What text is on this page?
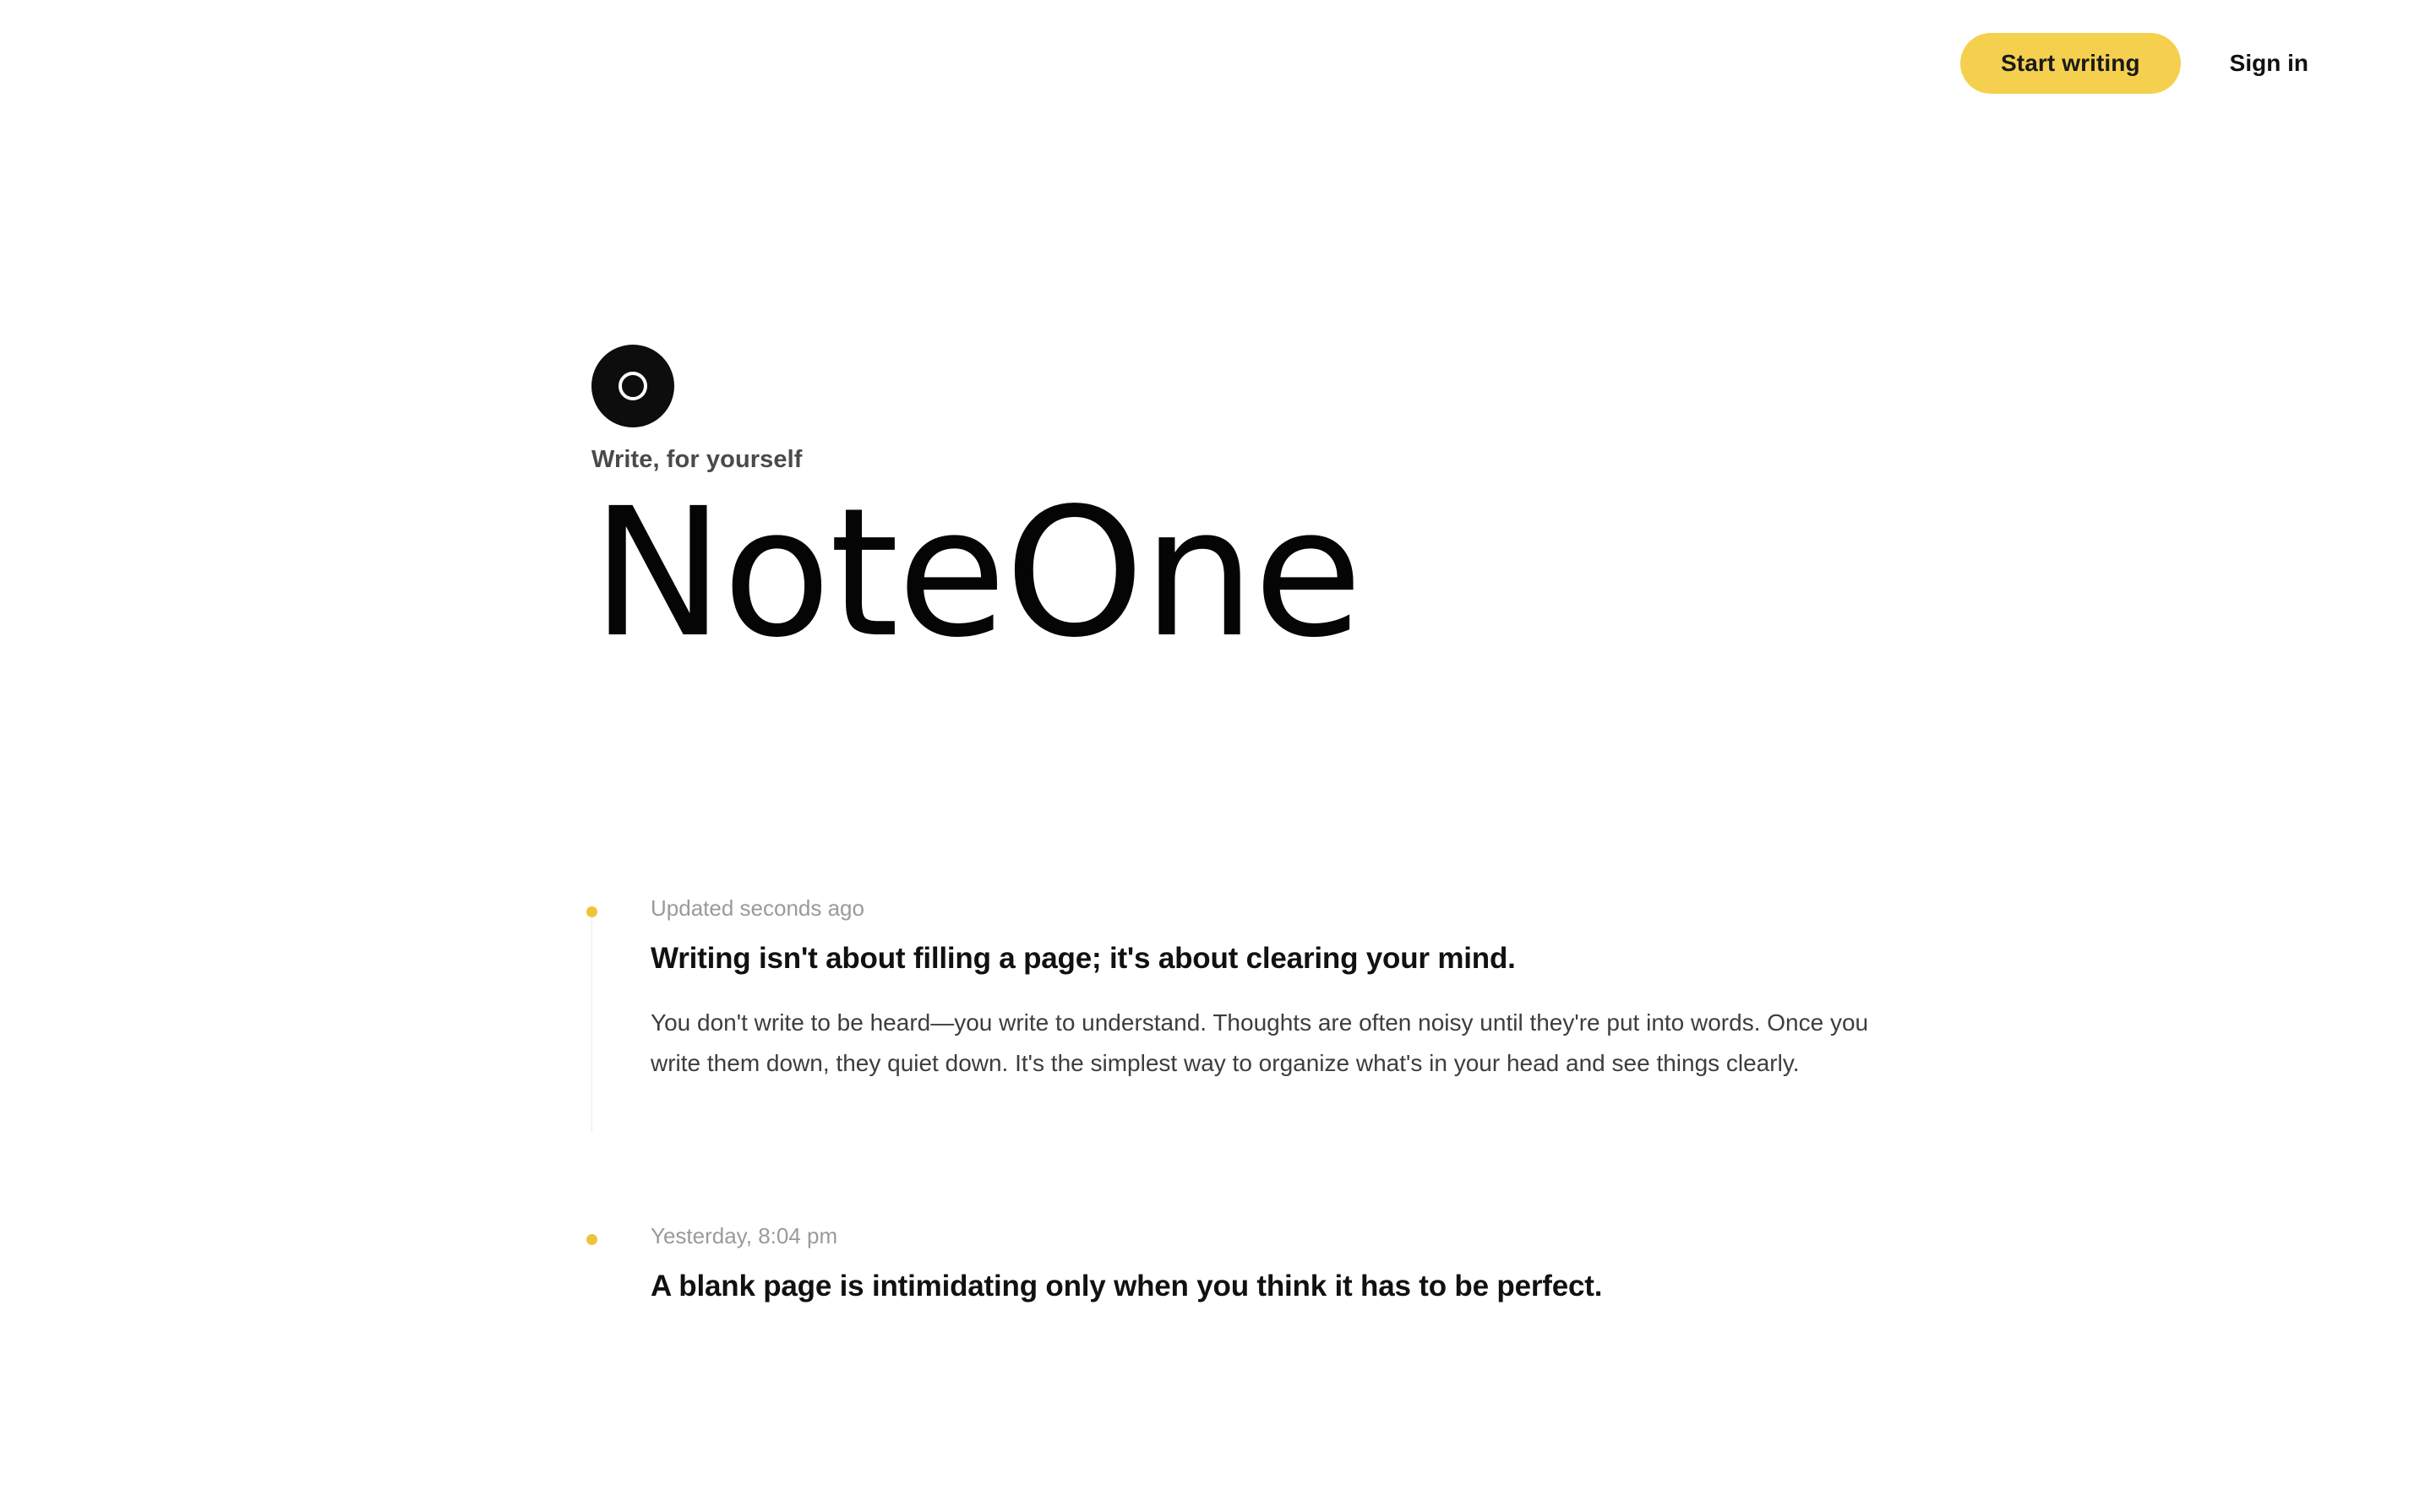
Start writing	Sign in

Write, for yourself

NoteOne

Updated seconds ago

Writing isn't about filling a page; it's about clearing your mind.

You don't write to be heard—you write to understand. Thoughts are often noisy until they're put into words. Once you write them down, they quiet down. It's the simplest way to organize what's in your head and see things clearly.

Yesterday, 8:04 pm

A blank page is intimidating only when you think it has to be perfect.
